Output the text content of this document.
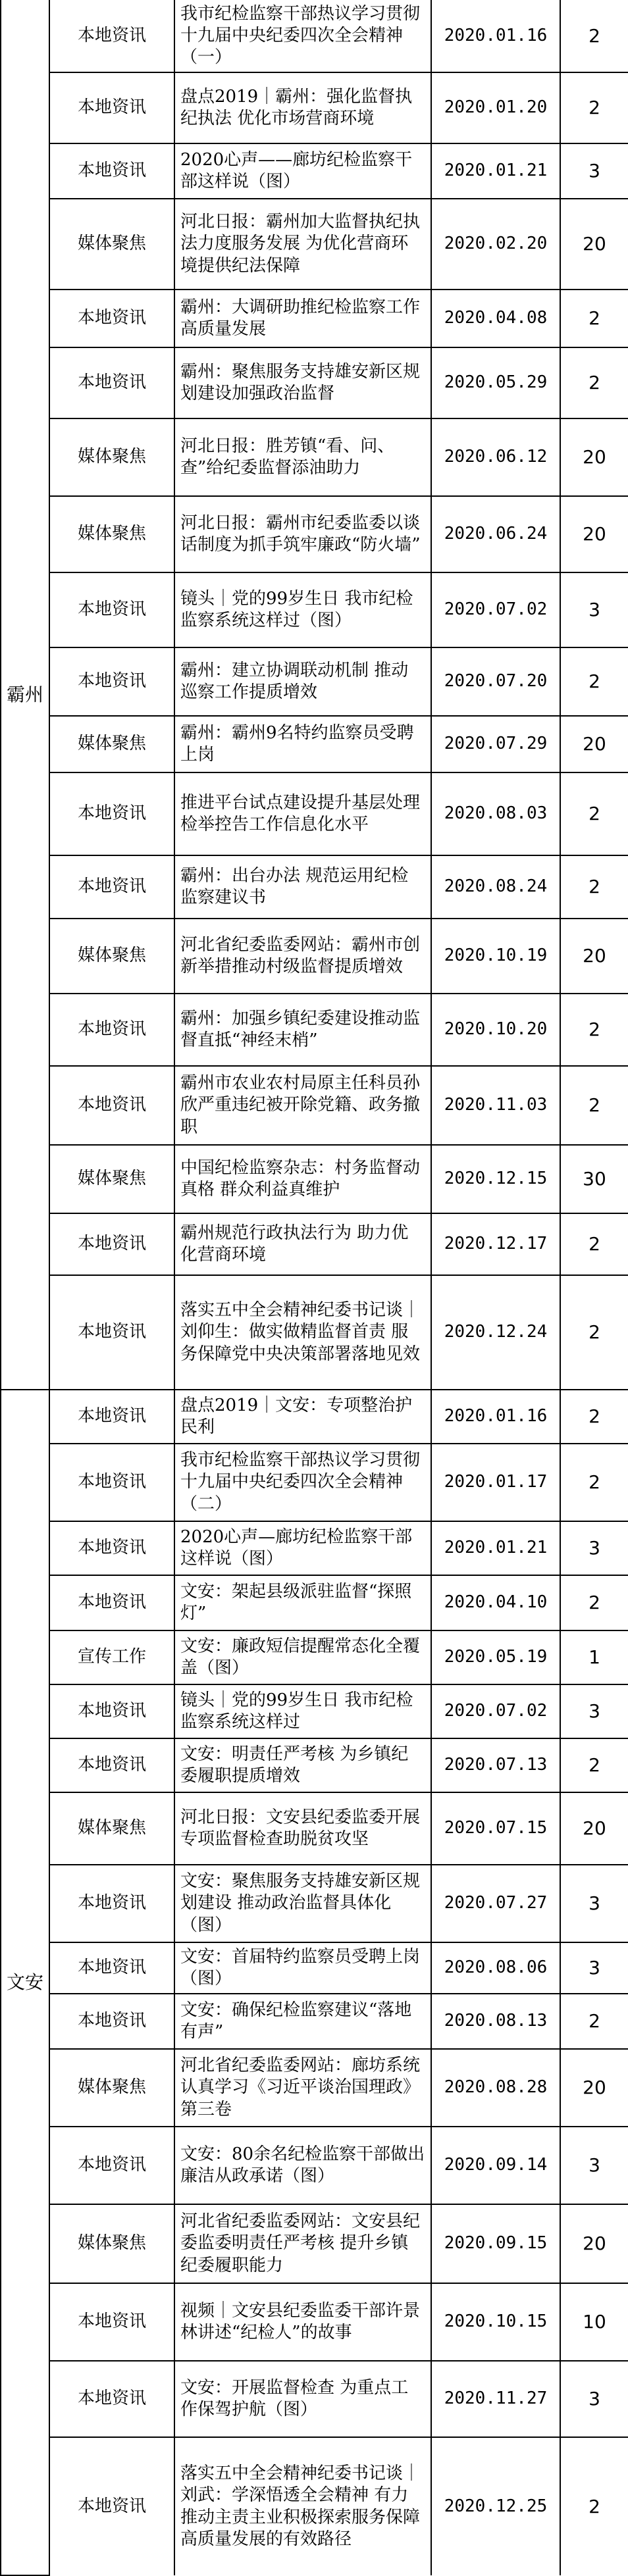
霸州	本地资讯	我市纪检监察干部热议学习贯彻十九届中央纪委四次全会精神（一）	2020.01.16	2
	本地资讯	盘点2019｜霸州：强化监督执纪执法 优化市场营商环境	2020.01.20	2
	本地资讯	2020心声——廊坊纪检监察干部这样说（图）	2020.01.21	3
	媒体聚焦	河北日报：霸州加大监督执纪执法力度服务发展 为优化营商环境提供纪法保障	2020.02.20	20
	本地资讯	霸州：大调研助推纪检监察工作高质量发展	2020.04.08	2
	本地资讯	霸州：聚焦服务支持雄安新区规划建设加强政治监督	2020.05.29	2
	媒体聚焦	河北日报：胜芳镇“看、问、查”给纪委监督添油助力	2020.06.12	20
	媒体聚焦	河北日报：霸州市纪委监委以谈话制度为抓手筑牢廉政“防火墙”	2020.06.24	20
	本地资讯	镜头｜党的99岁生日 我市纪检监察系统这样过（图）	2020.07.02	3
	本地资讯	霸州：建立协调联动机制 推动巡察工作提质增效	2020.07.20	2
	媒体聚焦	霸州：霸州9名特约监察员受聘上岗	2020.07.29	20
	本地资讯	推进平台试点建设提升基层处理检举控告工作信息化水平	2020.08.03	2
	本地资讯	霸州：出台办法 规范运用纪检监察建议书	2020.08.24	2
	媒体聚焦	河北省纪委监委网站：霸州市创新举措推动村级监督提质增效	2020.10.19	20
	本地资讯	霸州：加强乡镇纪委建设推动监督直抵“神经末梢”	2020.10.20	2
	本地资讯	霸州市农业农村局原主任科员孙欣严重违纪被开除党籍、政务撤职	2020.11.03	2
	媒体聚焦	中国纪检监察杂志：村务监督动真格 群众利益真维护	2020.12.15	30
	本地资讯	霸州规范行政执法行为 助力优化营商环境	2020.12.17	2
	本地资讯	落实五中全会精神纪委书记谈｜刘仰生：做实做精监督首责 服务保障党中央决策部署落地见效	2020.12.24	2
文安	本地资讯	盘点2019｜文安：专项整治护民利	2020.01.16	2
	本地资讯	我市纪检监察干部热议学习贯彻十九届中央纪委四次全会精神（二）	2020.01.17	2
	本地资讯	2020心声—廊坊纪检监察干部这样说（图）	2020.01.21	3
	本地资讯	文安：架起县级派驻监督“探照灯”	2020.04.10	2
	宣传工作	文安：廉政短信提醒常态化全覆盖（图）	2020.05.19	1
	本地资讯	镜头｜党的99岁生日 我市纪检监察系统这样过	2020.07.02	3
	本地资讯	文安：明责任严考核 为乡镇纪委履职提质增效	2020.07.13	2
	媒体聚焦	河北日报：文安县纪委监委开展专项监督检查助脱贫攻坚	2020.07.15	20
	本地资讯	文安：聚焦服务支持雄安新区规划建设 推动政治监督具体化（图）	2020.07.27	3
	本地资讯	文安：首届特约监察员受聘上岗（图）	2020.08.06	3
	本地资讯	文安：确保纪检监察建议“落地有声”	2020.08.13	2
	媒体聚焦	河北省纪委监委网站：廊坊系统认真学习《习近平谈治国理政》第三卷	2020.08.28	20
	本地资讯	文安：80余名纪检监察干部做出廉洁从政承诺（图）	2020.09.14	3
	媒体聚焦	河北省纪委监委网站：文安县纪委监委明责任严考核 提升乡镇纪委履职能力	2020.09.15	20
	本地资讯	视频｜文安县纪委监委干部许景林讲述“纪检人”的故事	2020.10.15	10
	本地资讯	文安：开展监督检查 为重点工作保驾护航（图）	2020.11.27	3
	本地资讯	落实五中全会精神纪委书记谈｜刘武：学深悟透全会精神 有力推动主责主业积极探索服务保障高质量发展的有效路径	2020.12.25	2
